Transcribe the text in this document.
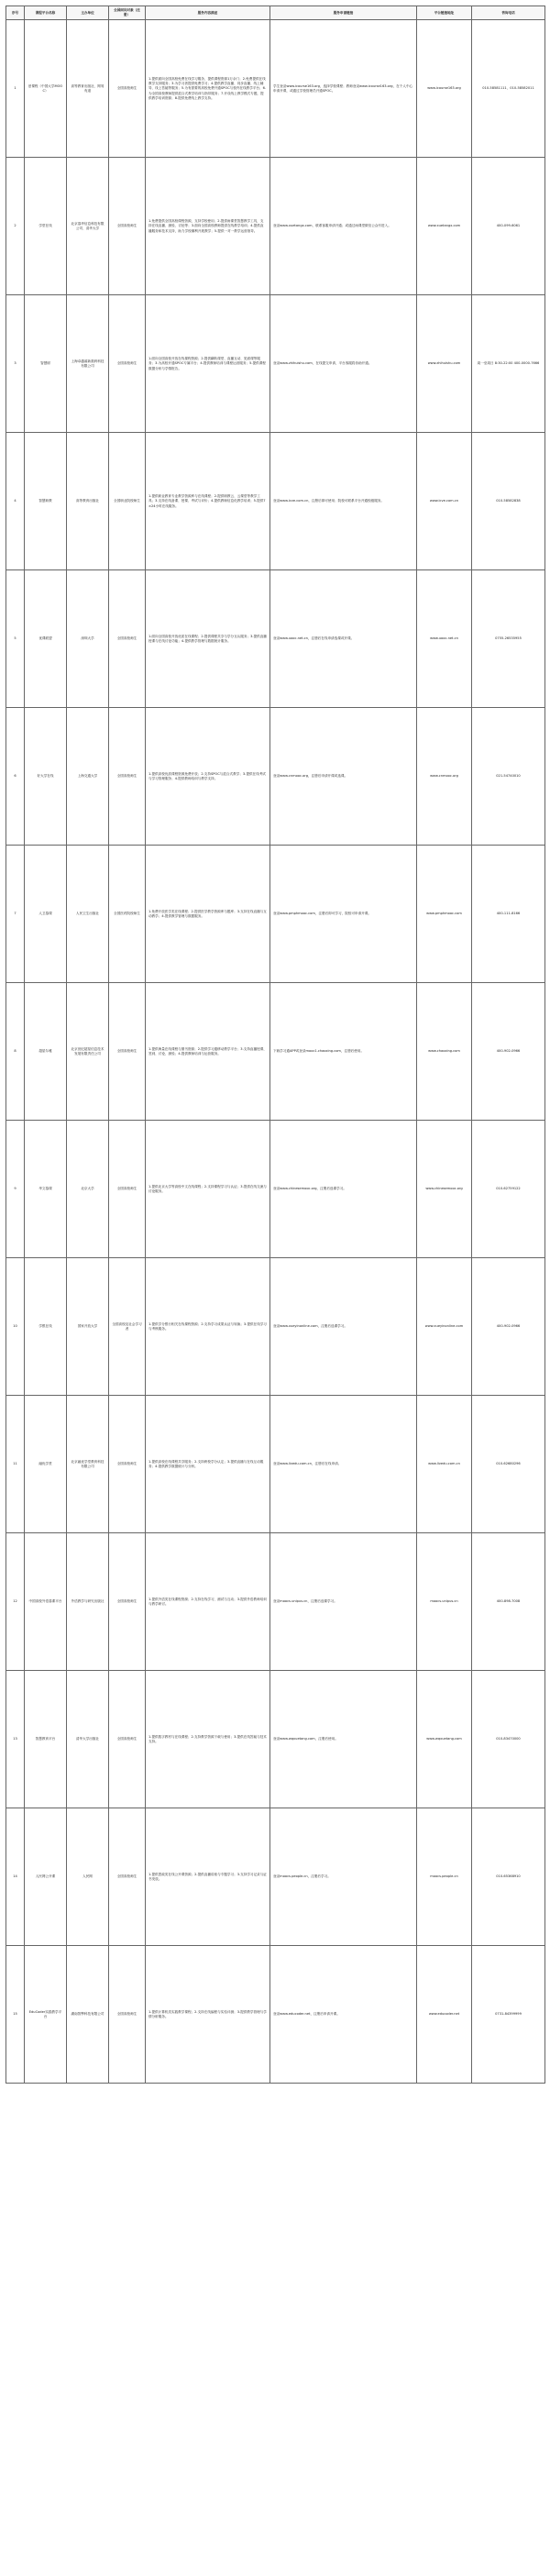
序号	课程平台名称	主办单位	全国面向对象（注册）	服务内容描述	服务申请链接	平台链接地址	咨询电话
1	爱课程（中国大学MOOC）	高等教育出版社、网易有道	全国高校师生	1.提供面向全国高校免费在线学习服务，提供课程资源1万余门；2.免费提供在线教学支持服务；3.为学习者提供免费学习；4.提供教学直播、同步直播、线上辅导、线上答疑等服务；5.为有需要的高校免费开通SPOC与校内在线教学平台；6.为全国高校教师提供混合式教学培训与指导服务；7.开设线上教学模式专题，提供教学培训资源；8.提供免费线上教学支持。	学生登录www.icourse163.org，选择学校课程；教师登录www.icourse163.org，在个人中心申请开课，或通过学校管理员开通SPOC。	www.icourse163.org	010-58581111、010-58582011
2	学堂在线	北京慕华信息科技有限公司、清华大学	全国高校师生	1.免费提供全国高校课程资源，支持学校使用；2.提供雨课堂智慧教学工具，支持在线直播、测验、讨论等；3.面向全国高校教师提供在线教学培训；4.提供直播服务和技术支持，助力学校顺利开展教学；5.提供一对一教学运营指导。	登录www.xuetangx.com，联系客服申请开通；或通过雨课堂微信公众号进入。	www.xuetangx.com	400-099-6061
3	智慧树	上海卓越睿新数码科技有限公司	全国高校师生	1.面向全国高校开放在线课程资源；2.提供翻转课堂、直播互动、见面课等服务；3.为高校开通SPOC专属平台；4.提供教师培训与课程运营服务；5.提供课程数据分析与学情报告。	登录www.zhihuishu.com，在线提交申请，平台客服将协助开通。	www.zhihuishu.com	周一至周日 8:30-22:00 400-0000-7666
4	智慧职教	高等教育出版社	全国职业院校师生	1.提供职业教育专业教学资源库与在线课程；2.提供职教云、云课堂等教学工具；3.支持在线备课、授课、考试与评价；4.提供教师信息化教学培训；5.提供7×24小时在线服务。	登录www.icve.com.cn，注册后即可使用；院校可联系平台开通校级服务。	www.icve.com.cn	010-58582838
5	优课联盟	深圳大学	全国高校师生	1.面向全国高校开放优质在线课程；2.提供课程共享与学分互认服务；3.提供直播授课与在线讨论功能；4.提供教学管理与数据统计服务。	登录www.uooc.net.cn，注册后在线申请选课或开课。	www.uooc.net.cn	0755-26535955
6	好大学在线	上海交通大学	全国高校师生	1.提供高校优质课程资源免费开放；2.支持SPOC与混合式教学；3.提供在线考试与学习管理服务；4.提供教师培训与教学支持。	登录www.cnmooc.org，注册后申请开课或选课。	www.cnmooc.org	021-54740010
7	人卫慕课	人民卫生出版社	全国医药院校师生	1.免费开放医学类在线课程；2.提供医学教学资源库与题库；3.支持在线直播与互动教学；4.提供教学管理与数据服务。	登录www.pmphmooc.com，注册后即可学习，院校可申请开课。	www.pmphmooc.com	400-111-8166
8	超星尔雅	北京世纪超星信息技术发展有限责任公司	全国高校师生	1.提供海量在线课程与图书资源；2.提供学习通移动教学平台；3.支持直播授课、签到、讨论、测验；4.提供教师培训与运营服务。	下载学习通APP或登录mooc1.chaoxing.com，注册后使用。	www.chaoxing.com	400-902-0966
9	华文慕课	北京大学	全国高校师生	1.提供北京大学等高校中文在线课程；2.支持课程学习与认证；3.提供在线交流与讨论服务。	登录www.chinesemooc.org，注册后选课学习。	www.chinesemooc.org	010-62759122
10	学银在线	国家开放大学	全国高校及社会学习者	1.提供学分银行相关在线课程资源；2.支持学习成果认证与转换；3.提供在线学习与考核服务。	登录www.xueyinonline.com，注册后选课学习。	www.xueyinonline.com	400-902-0966
11	融优学堂	北京融优学堂教育科技有限公司	全国高校师生	1.提供高校在线课程共享服务；2.支持跨校学分认定；3.提供直播与在线互动服务；4.提供教学数据统计与分析。	登录www.livedu.com.cn，注册后在线申请。	www.livedu.com.cn	010-62680296
12	中国高校外语慕课平台	外语教学与研究出版社	全国高校师生	1.提供外语类在线课程资源；2.支持在线学习、测试与互动；3.提供外语教师培训与教学研讨。	登录moocs.unipus.cn，注册后选课学习。	moocs.unipus.cn	400-898-7008
13	智慧教育平台	清华大学出版社	全国高校师生	1.提供数字教材与在线课程；2.支持教学资源下载与使用；3.提供在线答疑与技术支持。	登录www.wqxuetang.com，注册后使用。	www.wqxuetang.com	010-83470000
14	人民网公开课	人民网	全国高校师生	1.提供思政类在线公开课资源；2.提供直播讲座与专题学习；3.支持学习记录与证书发放。	登录moocs.people.cn，注册后学习。	moocs.people.cn	010-65368910
15	EduCoder实践教学平台	湖南智擎科技有限公司	全国高校师生	1.提供计算机类实践教学课程；2.支持在线编程与实验评测；3.提供教学管理与学情分析服务。	登录www.educoder.net，注册后申请开课。	www.educoder.net	0731-84399999
